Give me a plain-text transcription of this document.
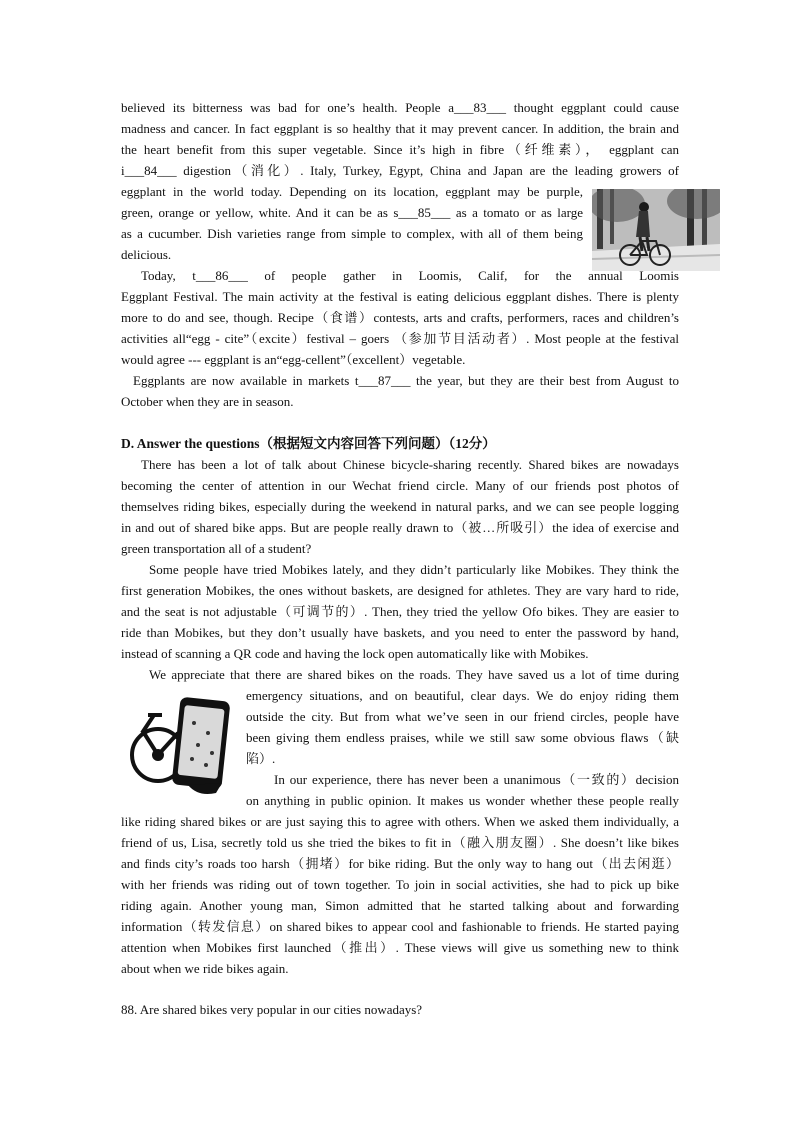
believed its bitterness was bad for one’s health. People a___83___ thought eggplant could cause
madness and cancer. In fact eggplant is so healthy that it may prevent cancer. In addition, the brain and
the heart benefit from this super vegetable. Since it’s high in fibre（纤维素）， eggplant can
i___84___ digestion（消化）. Italy, Turkey, Egypt, China and Japan are the leading growers of
eggplant in the world today. Depending on its location, eggplant may be purple,
green, orange or yellow, white. And it can be as s___85___ as a tomato or as large
as a cucumber. Dish varieties range from simple to complex, with all of them being
delicious.
Today, t___86___ of people gather in Loomis, Calif, for the annual Loomis
Eggplant Festival. The main activity at the festival is eating delicious eggplant dishes. There is plenty
more to do and see, though. Recipe（食谱）contests, arts and crafts, performers, races and children’s
activities all“egg - cite”（excite）festival – goers （参加节目活动者）. Most people at the festival
would agree --- eggplant is an“egg-cellent”（excellent）vegetable.
Eggplants are now available in markets t___87___ the year, but they are their best from August to
October when they are in season.
D. Answer the questions（根据短文内容回答下列问题）（12分）
There has been a lot of talk about Chinese bicycle-sharing recently. Shared bikes are nowadays
becoming the center of attention in our Wechat friend circle. Many of our friends post photos of
themselves riding bikes, especially during the weekend in natural parks, and we can see people logging
in and out of shared bike apps. But are people really drawn to（被…所吸引）the idea of exercise and
green transportation all of a student?
Some people have tried Mobikes lately, and they didn’t particularly like Mobikes. They think the
first generation Mobikes, the ones without baskets, are designed for athletes. They are vary hard to ride,
and the seat is not adjustable（可调节的）. Then, they tried the yellow Ofo bikes. They are easier to
ride than Mobikes, but they don’t usually have baskets, and you need to enter the password by hand,
instead of scanning a QR code and having the lock open automatically like with Mobikes.
We appreciate that there are shared bikes on the roads. They have saved us a lot of time during
emergency situations, and on beautiful, clear days. We do enjoy riding them
outside the city. But from what we’ve seen in our friend circles, people have
been giving them endless praises, while we still saw some obvious flaws（缺
陷）.
In our experience, there has never been a unanimous（一致的）decision
on anything in public opinion. It makes us wonder whether these people really
like riding shared bikes or are just saying this to agree with others. When we asked them individually, a
friend of us, Lisa, secretly told us she tried the bikes to fit in（融入朋友圈）. She doesn’t like bikes
and finds city’s roads too harsh（拥堵）for bike riding. But the only way to hang out（出去闲逛）
with her friends was riding out of town together. To join in social activities, she had to pick up bike
riding again. Another young man, Simon admitted that he started talking about and forwarding
information（转发信息）on shared bikes to appear cool and fashionable to friends. He started paying
attention when Mobikes first launched（推出）. These views will give us something new to think
about when we ride bikes again.
88. Are shared bikes very popular in our cities nowadays?
